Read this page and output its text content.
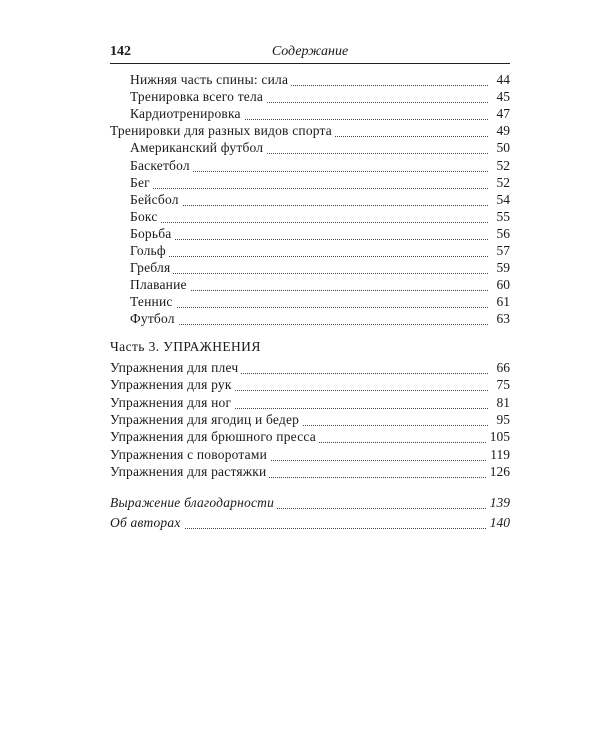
142	Содержание
Нижняя часть спины: сила	44
Тренировка всего тела	45
Кардиотренировка	47
Тренировки для разных видов спорта	49
Американский футбол	50
Баскетбол	52
Бег	52
Бейсбол	54
Бокс	55
Борьба	56
Гольф	57
Гребля	59
Плавание	60
Теннис	61
Футбол	63
Часть 3. УПРАЖНЕНИЯ
Упражнения для плеч	66
Упражнения для рук	75
Упражнения для ног	81
Упражнения для ягодиц и бедер	95
Упражнения для брюшного пресса	105
Упражнения с поворотами	119
Упражнения для растяжки	126
Выражение благодарности	139
Об авторах	140
